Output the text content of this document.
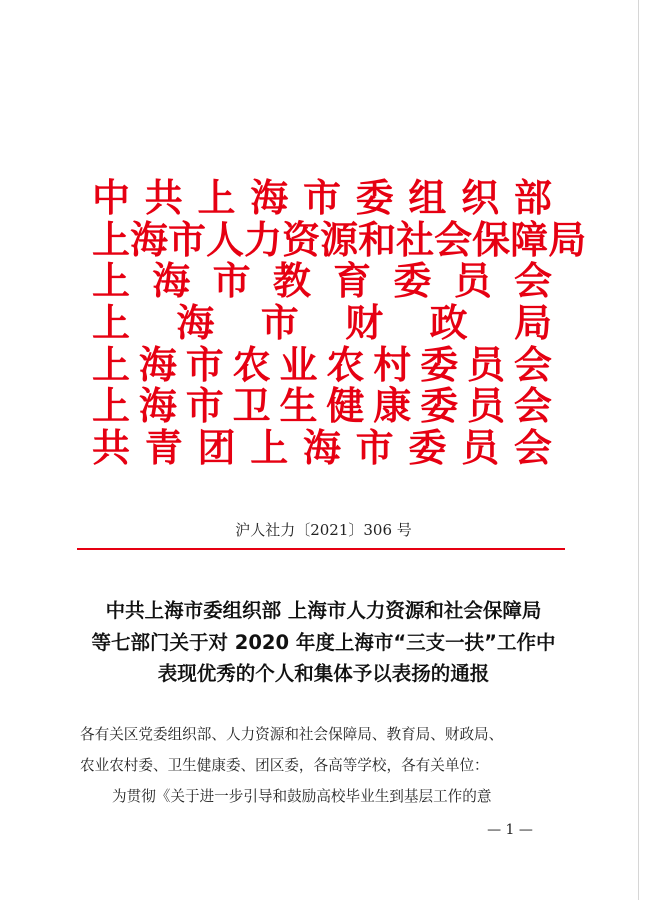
中 共 上 海 市 委 组 织 部
上 海 市 人 力 资 源 和 社 会 保 障 局
上 海 市 教 育 委 员 会
上 海 市 财 政 局
上 海 市 农 业 农 村 委 员 会
上 海 市 卫 生 健 康 委 员 会
共 青 团 上 海 市 委 员 会
沪人社力〔2021〕306 号
中共上海市委组织部 上海市人力资源和社会保障局
等七部门关于对 2020 年度上海市“三支一扶”工作中
表现优秀的个人和集体予以表扬的通报

各有关区党委组织部、人力资源和社会保障局、教育局、财政局、

农业农村委、卫生健康委、团区委，各高等学校，各有关单位：

为贯彻《关于进一步引导和鼓励高校毕业生到基层工作的意

— 1 —
